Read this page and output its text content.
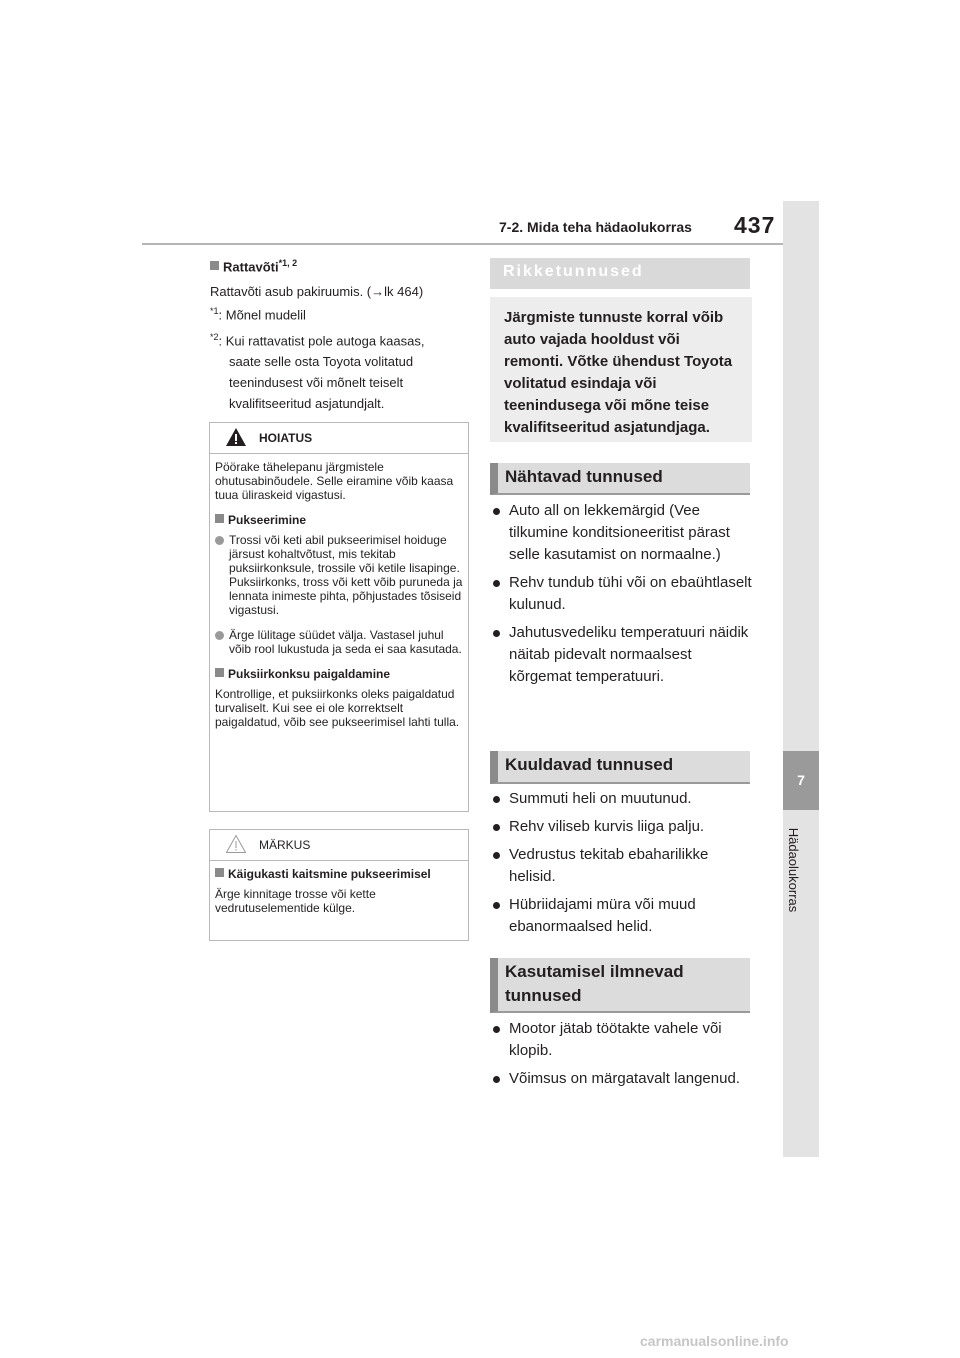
7-2. Mida teha hädaolukorras 437
7
Hädaolukorras
Rattavõti$^{*1, 2}$
Rattavõti asub pakiruumis. (→lk 464)
$^{*1}$: Mõnel mudelil
$^{*2}$: Kui rattavatist pole autoga kaasas,
saate selle osta Toyota volitatud
teenindusest või mõnelt teiselt
kvalifitseeritud asjatundjalt.
HOIATUS

Pöörake tähelepanu järgmistele ohutusabinõudele. Selle eiramine võib kaasa tuua üliraskeid vigastusi.

Pukseerimine

Trossi või keti abil pukseerimisel hoiduge järsust kohaltvõtust, mis tekitab puksiirkonksule, trossile või ketile lisapinge. Puksiirkonks, tross või kett võib puruneda ja lennata inimeste pihta, põhjustades tõsiseid vigastusi.
Ärge lülitage süüdet välja. Vastasel juhul võib rool lukustuda ja seda ei saa kasutada.

Puksiirkonksu paigaldamine

Kontrollige, et puksiirkonks oleks paigaldatud turvaliselt. Kui see ei ole korrektselt paigaldatud, võib see pukseerimisel lahti tulla.

MÄRKUS

Käigukasti kaitsmine pukseerimisel

Ärge kinnitage trosse või kette vedrutuselementide külge.

Rikketunnused
Järgmiste tunnuste korral võib auto vajada hooldust või remonti. Võtke ühendust Toyota volitatud esindaja või teenindusega või mõne teise kvalifitseeritud asjatundjaga.
Nähtavad tunnused
Auto all on lekkemärgid (Vee tilkumine konditsioneeritist pärast selle kasutamist on normaalne.)
Rehv tundub tühi või on ebaühtlaselt kulunud.
Jahutusvedeliku temperatuuri näidik näitab pidevalt normaalsest kõrgemat temperatuuri.
Kuuldavad tunnused
Summuti heli on muutunud.
Rehv viliseb kurvis liiga palju.
Vedrustus tekitab ebaharilikke helisid.
Hübriidajami müra või muud ebanormaalsed helid.
Kasutamisel ilmnevad tunnused
Mootor jätab töötakte vahele või klopib.
Võimsus on märgatavalt langenud.
carmanualsonline.info
